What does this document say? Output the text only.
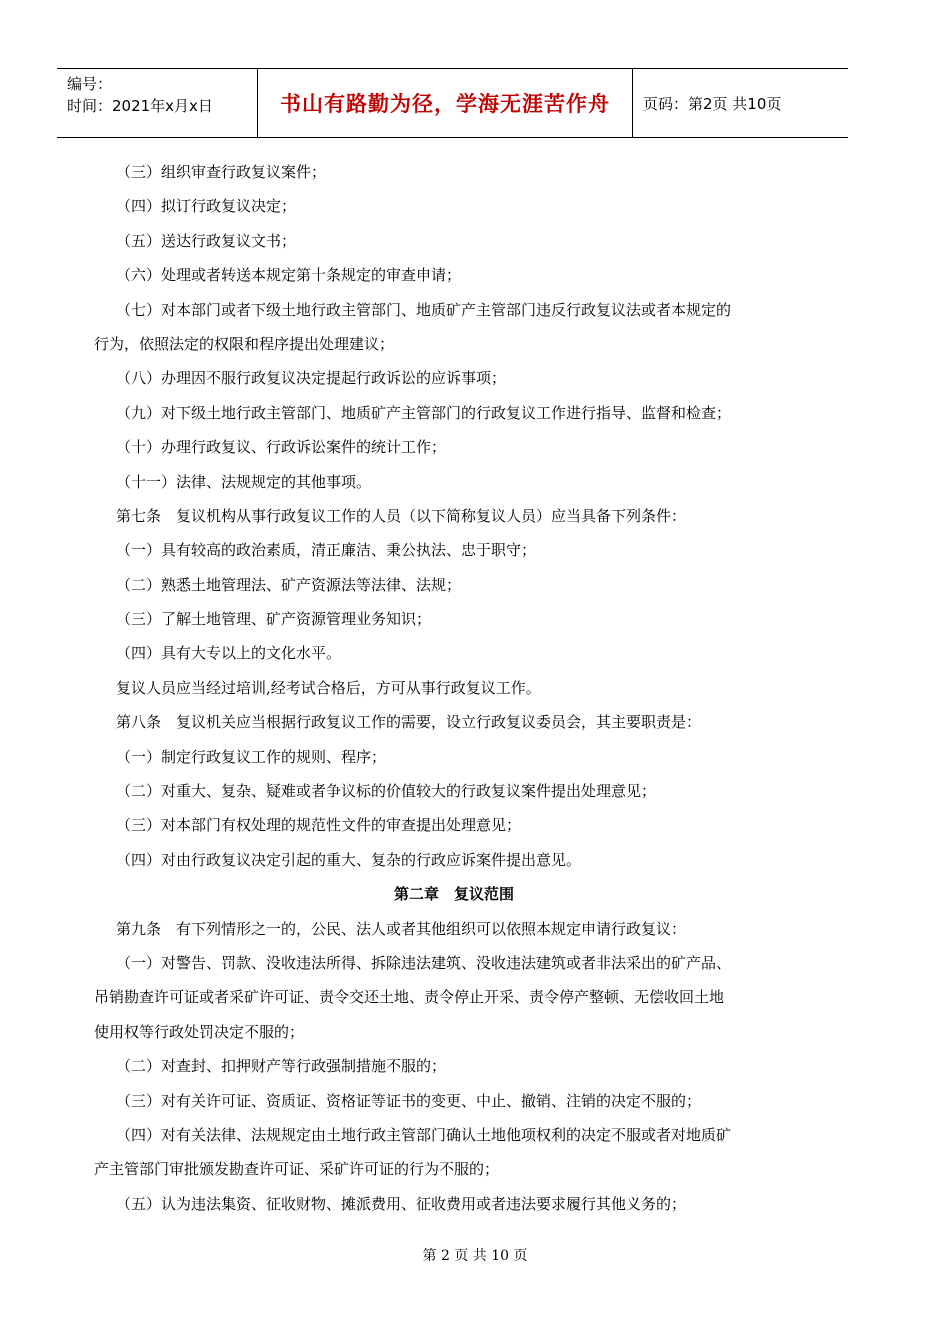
编号：
时间：2021年x月x日	书山有路勤为径，学海无涯苦作舟	页码：第2页 共10页
（三）组织审查行政复议案件；
（四）拟订行政复议决定；
（五）送达行政复议文书；
（六）处理或者转送本规定第十条规定的审查申请；
（七）对本部门或者下级土地行政主管部门、地质矿产主管部门违反行政复议法或者本规定的
行为，依照法定的权限和程序提出处理建议；
（八）办理因不服行政复议决定提起行政诉讼的应诉事项；
（九）对下级土地行政主管部门、地质矿产主管部门的行政复议工作进行指导、监督和检查；
（十）办理行政复议、行政诉讼案件的统计工作；
（十一）法律、法规规定的其他事项。
第七条　复议机构从事行政复议工作的人员（以下简称复议人员）应当具备下列条件：
（一）具有较高的政治素质，清正廉洁、秉公执法、忠于职守；
（二）熟悉土地管理法、矿产资源法等法律、法规；
（三）了解土地管理、矿产资源管理业务知识；
（四）具有大专以上的文化水平。
复议人员应当经过培训,经考试合格后，方可从事行政复议工作。
第八条　复议机关应当根据行政复议工作的需要，设立行政复议委员会，其主要职责是：
（一）制定行政复议工作的规则、程序；
（二）对重大、复杂、疑难或者争议标的价值较大的行政复议案件提出处理意见；
（三）对本部门有权处理的规范性文件的审查提出处理意见；
（四）对由行政复议决定引起的重大、复杂的行政应诉案件提出意见。
第二章　复议范围
第九条　有下列情形之一的，公民、法人或者其他组织可以依照本规定申请行政复议：
（一）对警告、罚款、没收违法所得、拆除违法建筑、没收违法建筑或者非法采出的矿产品、
吊销勘查许可证或者采矿许可证、责令交还土地、责令停止开采、责令停产整顿、无偿收回土地
使用权等行政处罚决定不服的；
（二）对查封、扣押财产等行政强制措施不服的；
（三）对有关许可证、资质证、资格证等证书的变更、中止、撤销、注销的决定不服的；
（四）对有关法律、法规规定由土地行政主管部门确认土地他项权利的决定不服或者对地质矿
产主管部门审批颁发勘查许可证、采矿许可证的行为不服的；
（五）认为违法集资、征收财物、摊派费用、征收费用或者违法要求履行其他义务的；
第 2 页 共 10 页
